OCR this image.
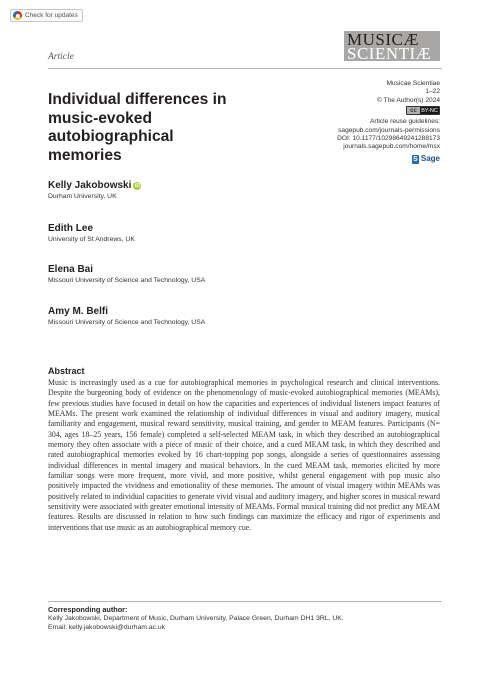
Check for updates
Article
MUSICÆ
SCIENTIÆ
Musicae Scientiae
1–22
© The Author(s) 2024
cc BY-NC
Article reuse guidelines:
sagepub.com/journals-permissions
DOI: 10.1177/10298649241288173
journals.sagepub.com/home/msx
S Sage
Individual differences in music-evoked autobiographical memories
Kelly Jakobowski iD
Durham University, UK
Edith Lee
University of St Andrews, UK
Elena Bai
Missouri University of Science and Technology, USA
Amy M. Belfi
Missouri University of Science and Technology, USA
Abstract

Music is increasingly used as a cue for autobiographical memories in psychological research and clinical interventions. Despite the burgeoning body of evidence on the phenomenology of music-evoked autobiographical memories (MEAMs), few previous studies have focused in detail on how the capacities and experiences of individual listeners impact features of MEAMs. The present work examined the relationship of individual differences in visual and auditory imagery, musical familiarity and engagement, musical reward sensitivity, musical training, and gender to MEAM features. Participants (N= 304, ages 18–25 years, 156 female) completed a self-selected MEAM task, in which they described an autobiographical memory they often associate with a piece of music of their choice, and a cued MEAM task, in which they described and rated autobiographical memories evoked by 16 chart-topping pop songs, alongside a series of questionnaires assessing individual differences in mental imagery and musical behaviors. In the cued MEAM task, memories elicited by more familiar songs were more frequent, more vivid, and more positive, whilst general engagement with pop music also positively impacted the vividness and emotionality of these memories. The amount of visual imagery within MEAMs was positively related to individual capacities to generate vivid visual and auditory imagery, and higher scores in musical reward sensitivity were associated with greater emotional intensity of MEAMs. Formal musical training did not predict any MEAM features. Results are discussed in relation to how such findings can maximize the efficacy and rigor of experiments and interventions that use music as an autobiographical memory cue.

Corresponding author:
Kelly Jakobowski, Department of Music, Durham University, Palace Green, Durham DH1 3RL, UK.
Email: kelly.jakobowski@durham.ac.uk
